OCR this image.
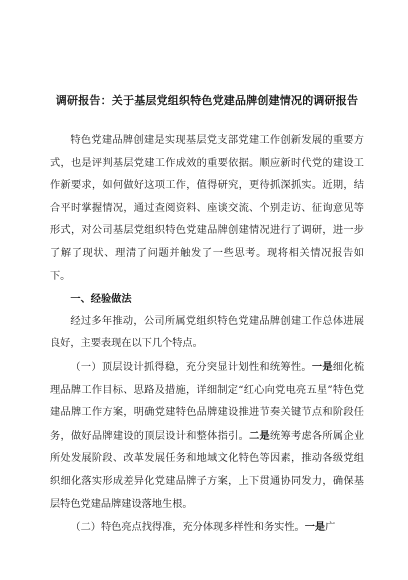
调研报告：关于基层党组织特色党建品牌创建情况的调研报告

特色党建品牌创建是实现基层党支部党建工作创新发展的重要方式，也是评判基层党建工作成效的重要依据。顺应新时代党的建设工作新要求，如何做好这项工作，值得研究，更待抓深抓实。近期，结合平时掌握情况，通过查阅资料、座谈交流、个别走访、征询意见等形式，对公司基层党组织特色党建品牌创建情况进行了调研，进一步了解了现状、理清了问题并触发了一些思考。现将相关情况报告如下。

一、经验做法

经过多年推动，公司所属党组织特色党建品牌创建工作总体进展良好，主要表现在以下几个特点。

（一）顶层设计抓得稳，充分突显计划性和统筹性。一是细化梳理品牌工作目标、思路及措施，详细制定“红心向党电亮五星”特色党建品牌工作方案，明确党建特色品牌建设推进节奏关键节点和阶段任务，做好品牌建设的顶层设计和整体指引。二是统筹考虑各所属企业所处发展阶段、改革发展任务和地域文化特色等因素，推动各级党组织细化落实形成差异化党建品牌子方案，上下贯通协同发力，确保基层特色党建品牌建设落地生根。

（二）特色亮点找得准，充分体现多样性和务实性。一是广
